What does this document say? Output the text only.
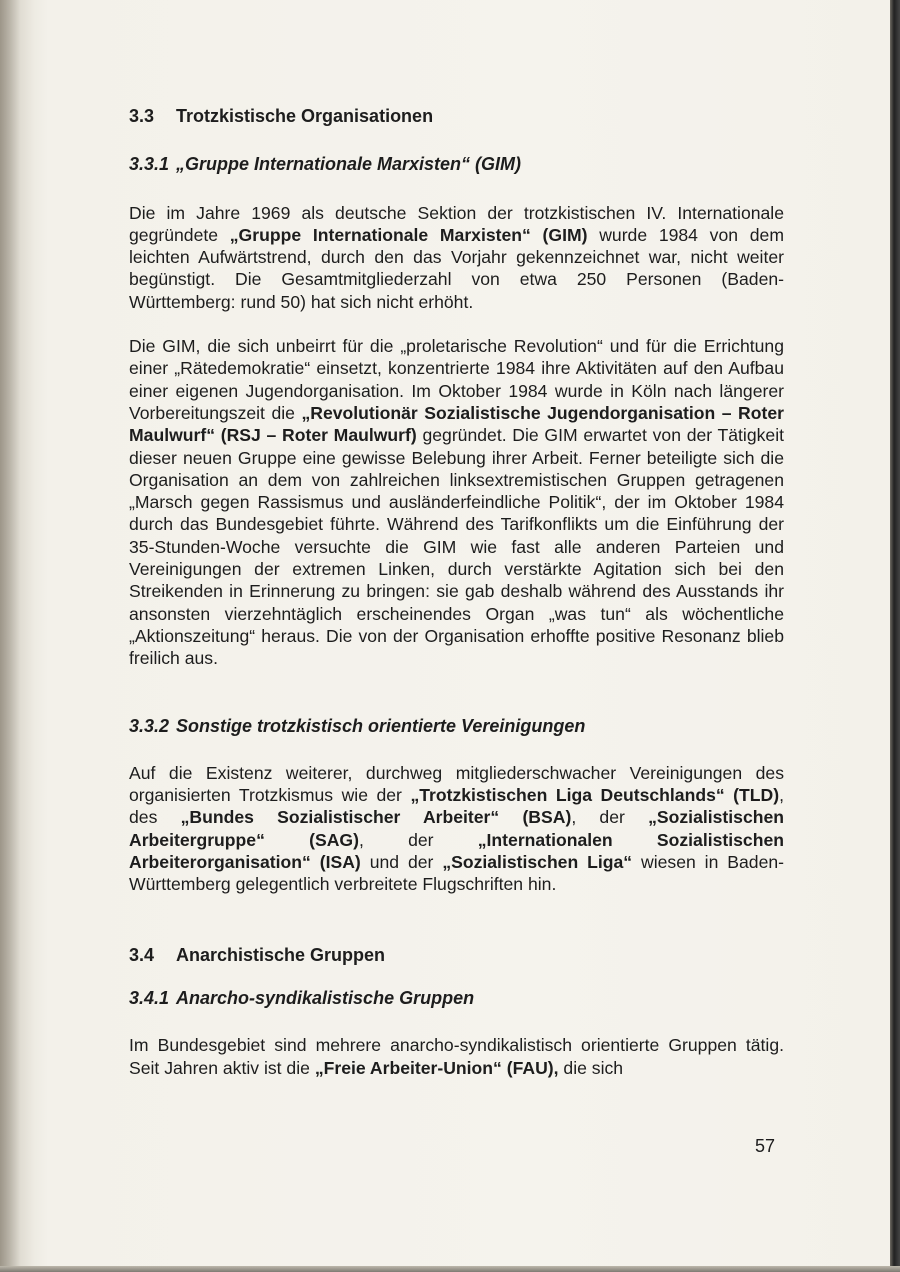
3.3 Trotzkistische Organisationen
3.3.1 „Gruppe Internationale Marxisten“ (GIM)

Die im Jahre 1969 als deutsche Sektion der trotzkistischen IV. Internationale gegründete „Gruppe Internationale Marxisten“ (GIM) wurde 1984 von dem leichten Aufwärtstrend, durch den das Vorjahr gekennzeichnet war, nicht weiter begünstigt. Die Gesamtmitgliederzahl von etwa 250 Personen (Baden-Württemberg: rund 50) hat sich nicht erhöht.

Die GIM, die sich unbeirrt für die „proletarische Revolution“ und für die Errichtung einer „Rätedemokratie“ einsetzt, konzentrierte 1984 ihre Aktivitäten auf den Aufbau einer eigenen Jugendorganisation. Im Oktober 1984 wurde in Köln nach längerer Vorbereitungszeit die „Revolutionär Sozialistische Jugendorganisation – Roter Maulwurf“ (RSJ – Roter Maulwurf) gegründet. Die GIM erwartet von der Tätigkeit dieser neuen Gruppe eine gewisse Belebung ihrer Arbeit. Ferner beteiligte sich die Organisation an dem von zahlreichen linksextremistischen Gruppen getragenen „Marsch gegen Rassismus und ausländerfeindliche Politik“, der im Oktober 1984 durch das Bundesgebiet führte. Während des Tarifkonflikts um die Einführung der 35-Stunden-Woche versuchte die GIM wie fast alle anderen Parteien und Vereinigungen der extremen Linken, durch verstärkte Agitation sich bei den Streikenden in Erinnerung zu bringen: sie gab deshalb während des Ausstands ihr ansonsten vierzehntäglich erscheinendes Organ „was tun“ als wöchentliche „Aktionszeitung“ heraus. Die von der Organisation erhoffte positive Resonanz blieb freilich aus.

3.3.2 Sonstige trotzkistisch orientierte Vereinigungen

Auf die Existenz weiterer, durchweg mitgliederschwacher Vereinigungen des organisierten Trotzkismus wie der „Trotzkistischen Liga Deutschlands“ (TLD), des „Bundes Sozialistischer Arbeiter“ (BSA), der „Sozialistischen Arbeitergruppe“ (SAG), der „Internationalen Sozialistischen Arbeiterorganisation“ (ISA) und der „Sozialistischen Liga“ wiesen in Baden-Württemberg gelegentlich verbreitete Flugschriften hin.

3.4 Anarchistische Gruppen
3.4.1 Anarcho-syndikalistische Gruppen

Im Bundesgebiet sind mehrere anarcho-syndikalistisch orientierte Gruppen tätig. Seit Jahren aktiv ist die „Freie Arbeiter-Union“ (FAU), die sich

57
